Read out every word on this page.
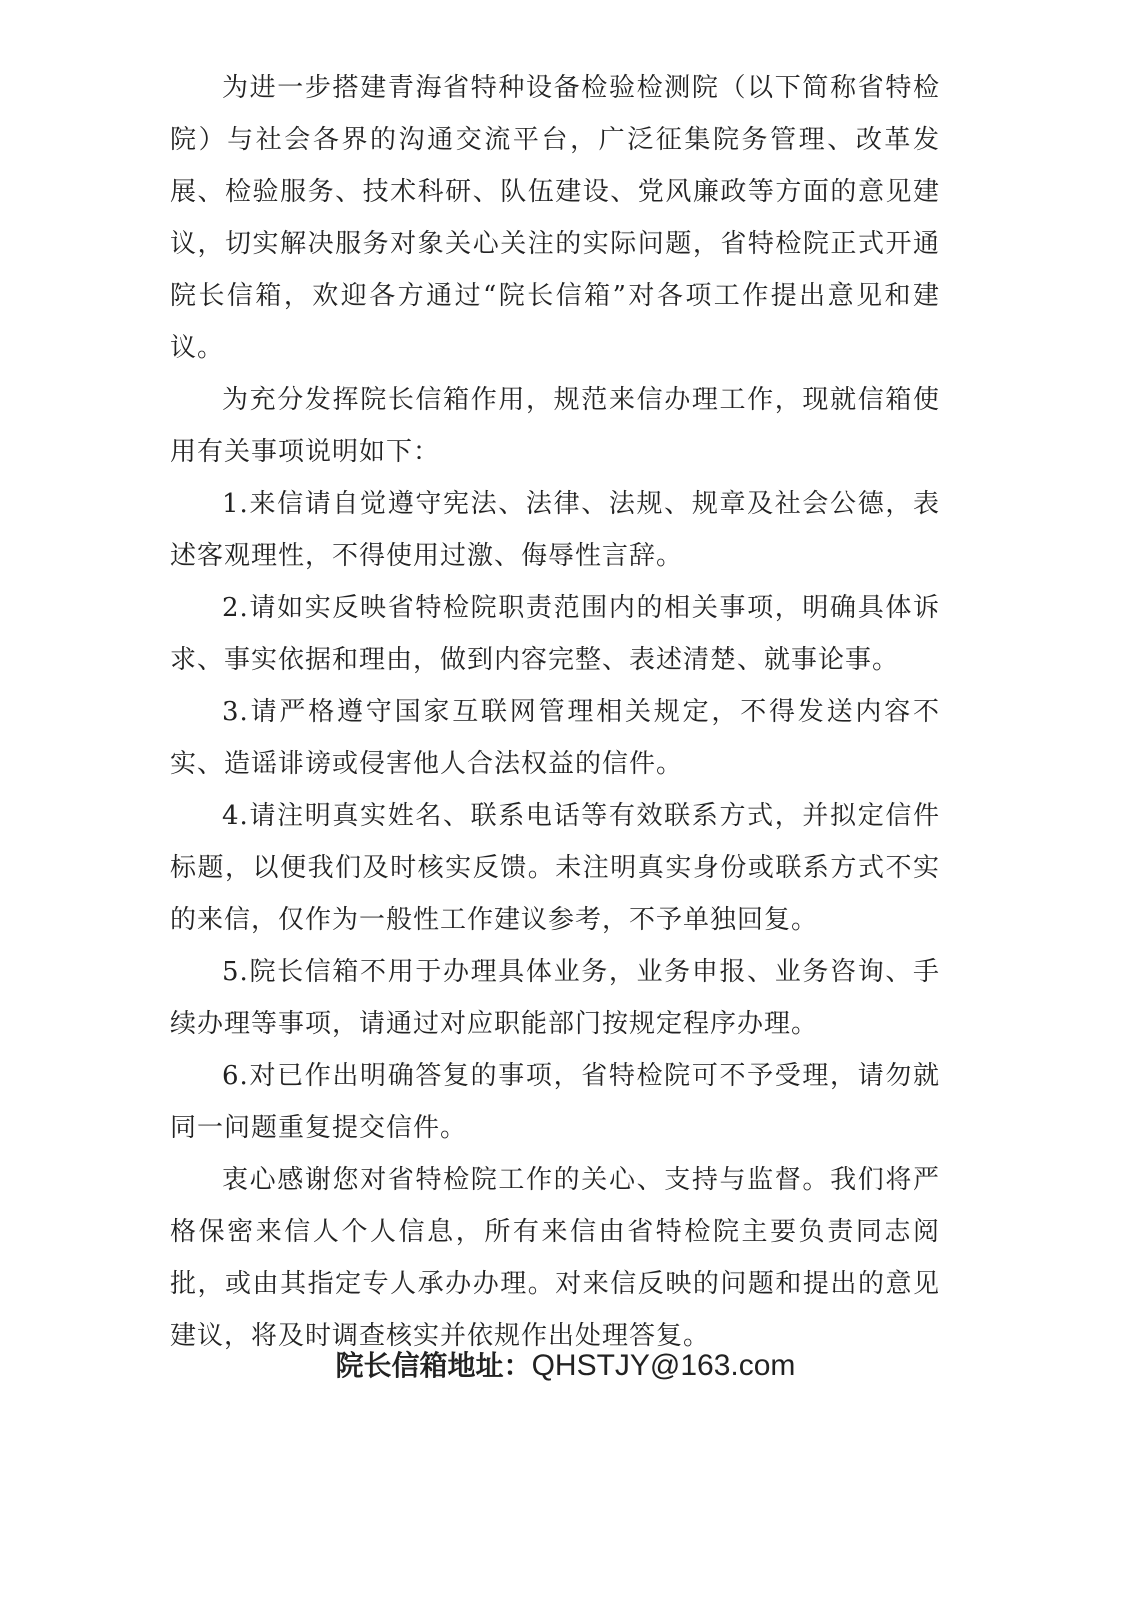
为进一步搭建青海省特种设备检验检测院（以下简称省特检院）与社会各界的沟通交流平台，广泛征集院务管理、改革发展、检验服务、技术科研、队伍建设、党风廉政等方面的意见建议，切实解决服务对象关心关注的实际问题，省特检院正式开通院长信箱，欢迎各方通过“院长信箱”对各项工作提出意见和建议。

为充分发挥院长信箱作用，规范来信办理工作，现就信箱使用有关事项说明如下：

1.来信请自觉遵守宪法、法律、法规、规章及社会公德，表述客观理性，不得使用过激、侮辱性言辞。

2.请如实反映省特检院职责范围内的相关事项，明确具体诉求、事实依据和理由，做到内容完整、表述清楚、就事论事。

3.请严格遵守国家互联网管理相关规定，不得发送内容不实、造谣诽谤或侵害他人合法权益的信件。

4.请注明真实姓名、联系电话等有效联系方式，并拟定信件标题，以便我们及时核实反馈。未注明真实身份或联系方式不实的来信，仅作为一般性工作建议参考，不予单独回复。

5.院长信箱不用于办理具体业务，业务申报、业务咨询、手续办理等事项，请通过对应职能部门按规定程序办理。

6.对已作出明确答复的事项，省特检院可不予受理，请勿就同一问题重复提交信件。

衷心感谢您对省特检院工作的关心、支持与监督。我们将严格保密来信人个人信息，所有来信由省特检院主要负责同志阅批，或由其指定专人承办办理。对来信反映的问题和提出的意见建议，将及时调查核实并依规作出处理答复。

院长信箱地址：QHSTJY@163.com
